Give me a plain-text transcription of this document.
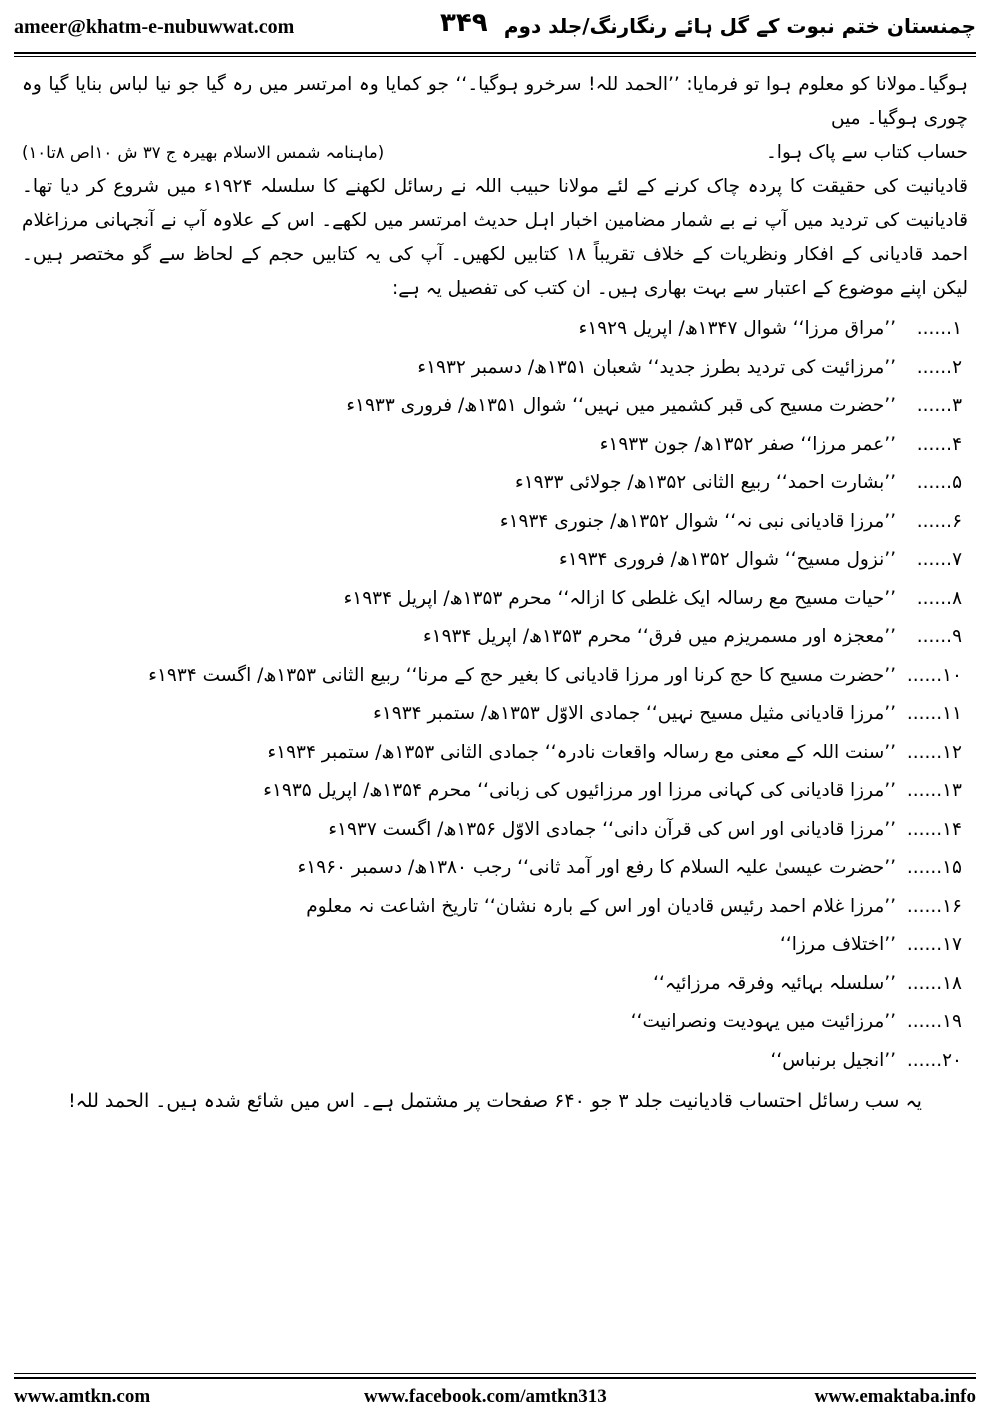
ameer@khatm-e-nubuwwat.com	۳۴۹ چمنستان ختم نبوت کے گل ہائے رنگارنگ/جلد دوم
ہوگیا۔مولانا کو معلوم ہوا تو فرمایا: ’’الحمد للہ! سرخرو ہوگیا۔‘‘ جو کمایا وہ امرتسر میں رہ گیا جو نیا لباس بنایا گیا وہ چوری ہوگیا۔ میں
حساب کتاب سے پاک ہوا۔
(ماہنامہ شمس الاسلام بھیرہ ج ۳۷ ش ۱۰اص ۸تا۱۰)

قادیانیت کی حقیقت کا پردہ چاک کرنے کے لئے مولانا حبیب اللہ نے رسائل لکھنے کا سلسلہ ۱۹۲۴ء میں شروع کر دیا تھا۔ قادیانیت کی تردید میں آپ نے بے شمار مضامین اخبار اہل حدیث امرتسر میں لکھے۔ اس کے علاوہ آپ نے آنجہانی مرزاغلام احمد قادیانی کے افکار ونظریات کے خلاف تقریباً ۱۸ کتابیں لکھیں۔ آپ کی یہ کتابیں حجم کے لحاظ سے گو مختصر ہیں۔ لیکن اپنے موضوع کے اعتبار سے بہت بھاری ہیں۔ ان کتب کی تفصیل یہ ہے:

۱......
’’مراق مرزا‘‘ شوال ۱۳۴۷ھ/ اپریل ۱۹۲۹ء
۲......
’’مرزائیت کی تردید بطرز جدید‘‘ شعبان ۱۳۵۱ھ/ دسمبر ۱۹۳۲ء
۳......
’’حضرت مسیح کی قبر کشمیر میں نہیں‘‘ شوال ۱۳۵۱ھ/ فروری ۱۹۳۳ء
۴......
’’عمر مرزا‘‘ صفر ۱۳۵۲ھ/ جون ۱۹۳۳ء
۵......
’’بشارت احمد‘‘ ربیع الثانی ۱۳۵۲ھ/ جولائی ۱۹۳۳ء
۶......
’’مرزا قادیانی نبی نہ‘‘ شوال ۱۳۵۲ھ/ جنوری ۱۹۳۴ء
۷......
’’نزول مسیح‘‘ شوال ۱۳۵۲ھ/ فروری ۱۹۳۴ء
۸......
’’حیات مسیح مع رسالہ ایک غلطی کا ازالہ‘‘ محرم ۱۳۵۳ھ/ اپریل ۱۹۳۴ء
۹......
’’معجزہ اور مسمریزم میں فرق‘‘ محرم ۱۳۵۳ھ/ اپریل ۱۹۳۴ء
۱۰......
’’حضرت مسیح کا حج کرنا اور مرزا قادیانی کا بغیر حج کے مرنا‘‘ ربیع الثانی ۱۳۵۳ھ/ اگست ۱۹۳۴ء
۱۱......
’’مرزا قادیانی مثیل مسیح نہیں‘‘ جمادی الاوّل ۱۳۵۳ھ/ ستمبر ۱۹۳۴ء
۱۲......
’’سنت اللہ کے معنی مع رسالہ واقعات نادرہ‘‘ جمادی الثانی ۱۳۵۳ھ/ ستمبر ۱۹۳۴ء
۱۳......
’’مرزا قادیانی کی کہانی مرزا اور مرزائیوں کی زبانی‘‘ محرم ۱۳۵۴ھ/ اپریل ۱۹۳۵ء
۱۴......
’’مرزا قادیانی اور اس کی قرآن دانی‘‘ جمادی الاوّل ۱۳۵۶ھ/ اگست ۱۹۳۷ء
۱۵......
’’حضرت عیسیٰ علیہ السلام کا رفع اور آمد ثانی‘‘ رجب ۱۳۸۰ھ/ دسمبر ۱۹۶۰ء
۱۶......
’’مرزا غلام احمد رئیس قادیان اور اس کے بارہ نشان‘‘ تاریخ اشاعت نہ معلوم
۱۷......
’’اختلاف مرزا‘‘
۱۸......
’’سلسلہ بہائیہ وفرقہ مرزائیہ‘‘
۱۹......
’’مرزائیت میں یہودیت ونصرانیت‘‘
۲۰......
’’انجیل برنباس‘‘
یہ سب رسائل احتساب قادیانیت جلد ۳ جو ۶۴۰ صفحات پر مشتمل ہے۔ اس میں شائع شدہ ہیں۔ الحمد للہ!
www.amtkn.com	www.facebook.com/amtkn313	www.emaktaba.info
